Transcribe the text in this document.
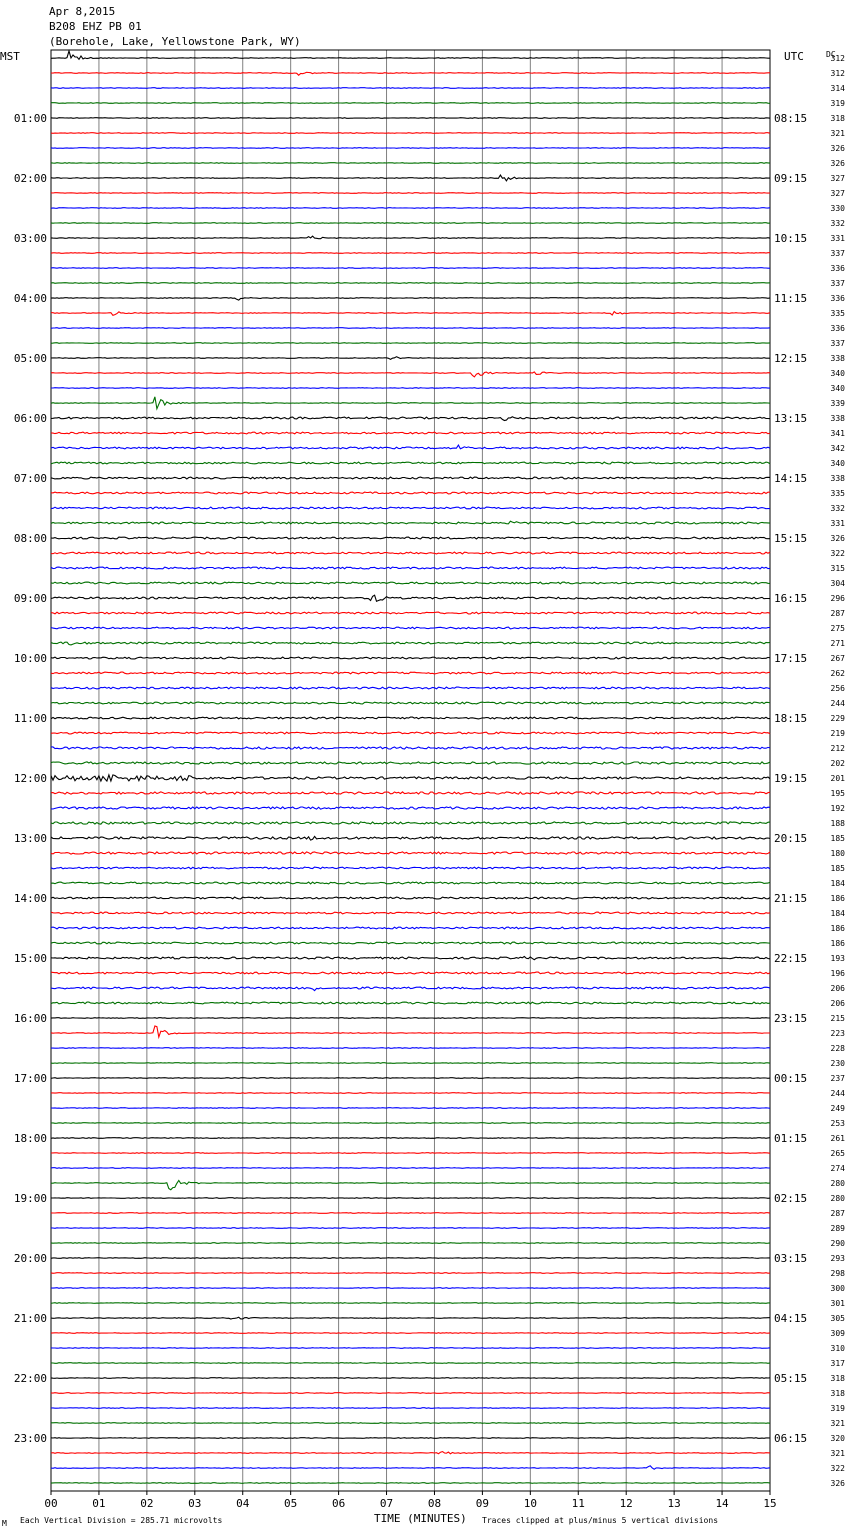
Apr 8,2015
B208 EHZ PB 01
(Borehole, Lake, Yellowstone Park, WY)
MST	UTC	DC
00	01	02	03	04	05	06	07	08	09	10	11	12	13	14	15
312
312
314
319
318
321
326
326
327
327
330
332
331
337
336
337
336
335
336
337
338
340
340
339
338
341
342
340
338
335
332
331
326
322
315
304
296
287
275
271
267
262
256
244
229
219
212
202
201
195
192
188
185
180
185
184
186
184
186
186
193
196
206
206
215
223
228
230
237
244
249
253
261
265
274
280
280
287
289
290
293
298
300
301
305
309
310
317
318
318
319
321
320
321
322
326
01:00
02:00
03:00
04:00
05:00
06:00
07:00
08:00
09:00
10:00
11:00
12:00
13:00
14:00
15:00
16:00
17:00
18:00
19:00
20:00
21:00
22:00
23:00
08:15
09:15
10:15
11:15
12:15
13:15
14:15
15:15
16:15
17:15
18:15
19:15
20:15
21:15
22:15
23:15
00:15
01:15
02:15
03:15
04:15
05:15
06:15
M Each Vertical Division = 285.71 microvolts	TIME (MINUTES) Traces clipped at plus/minus 5 vertical divisions
